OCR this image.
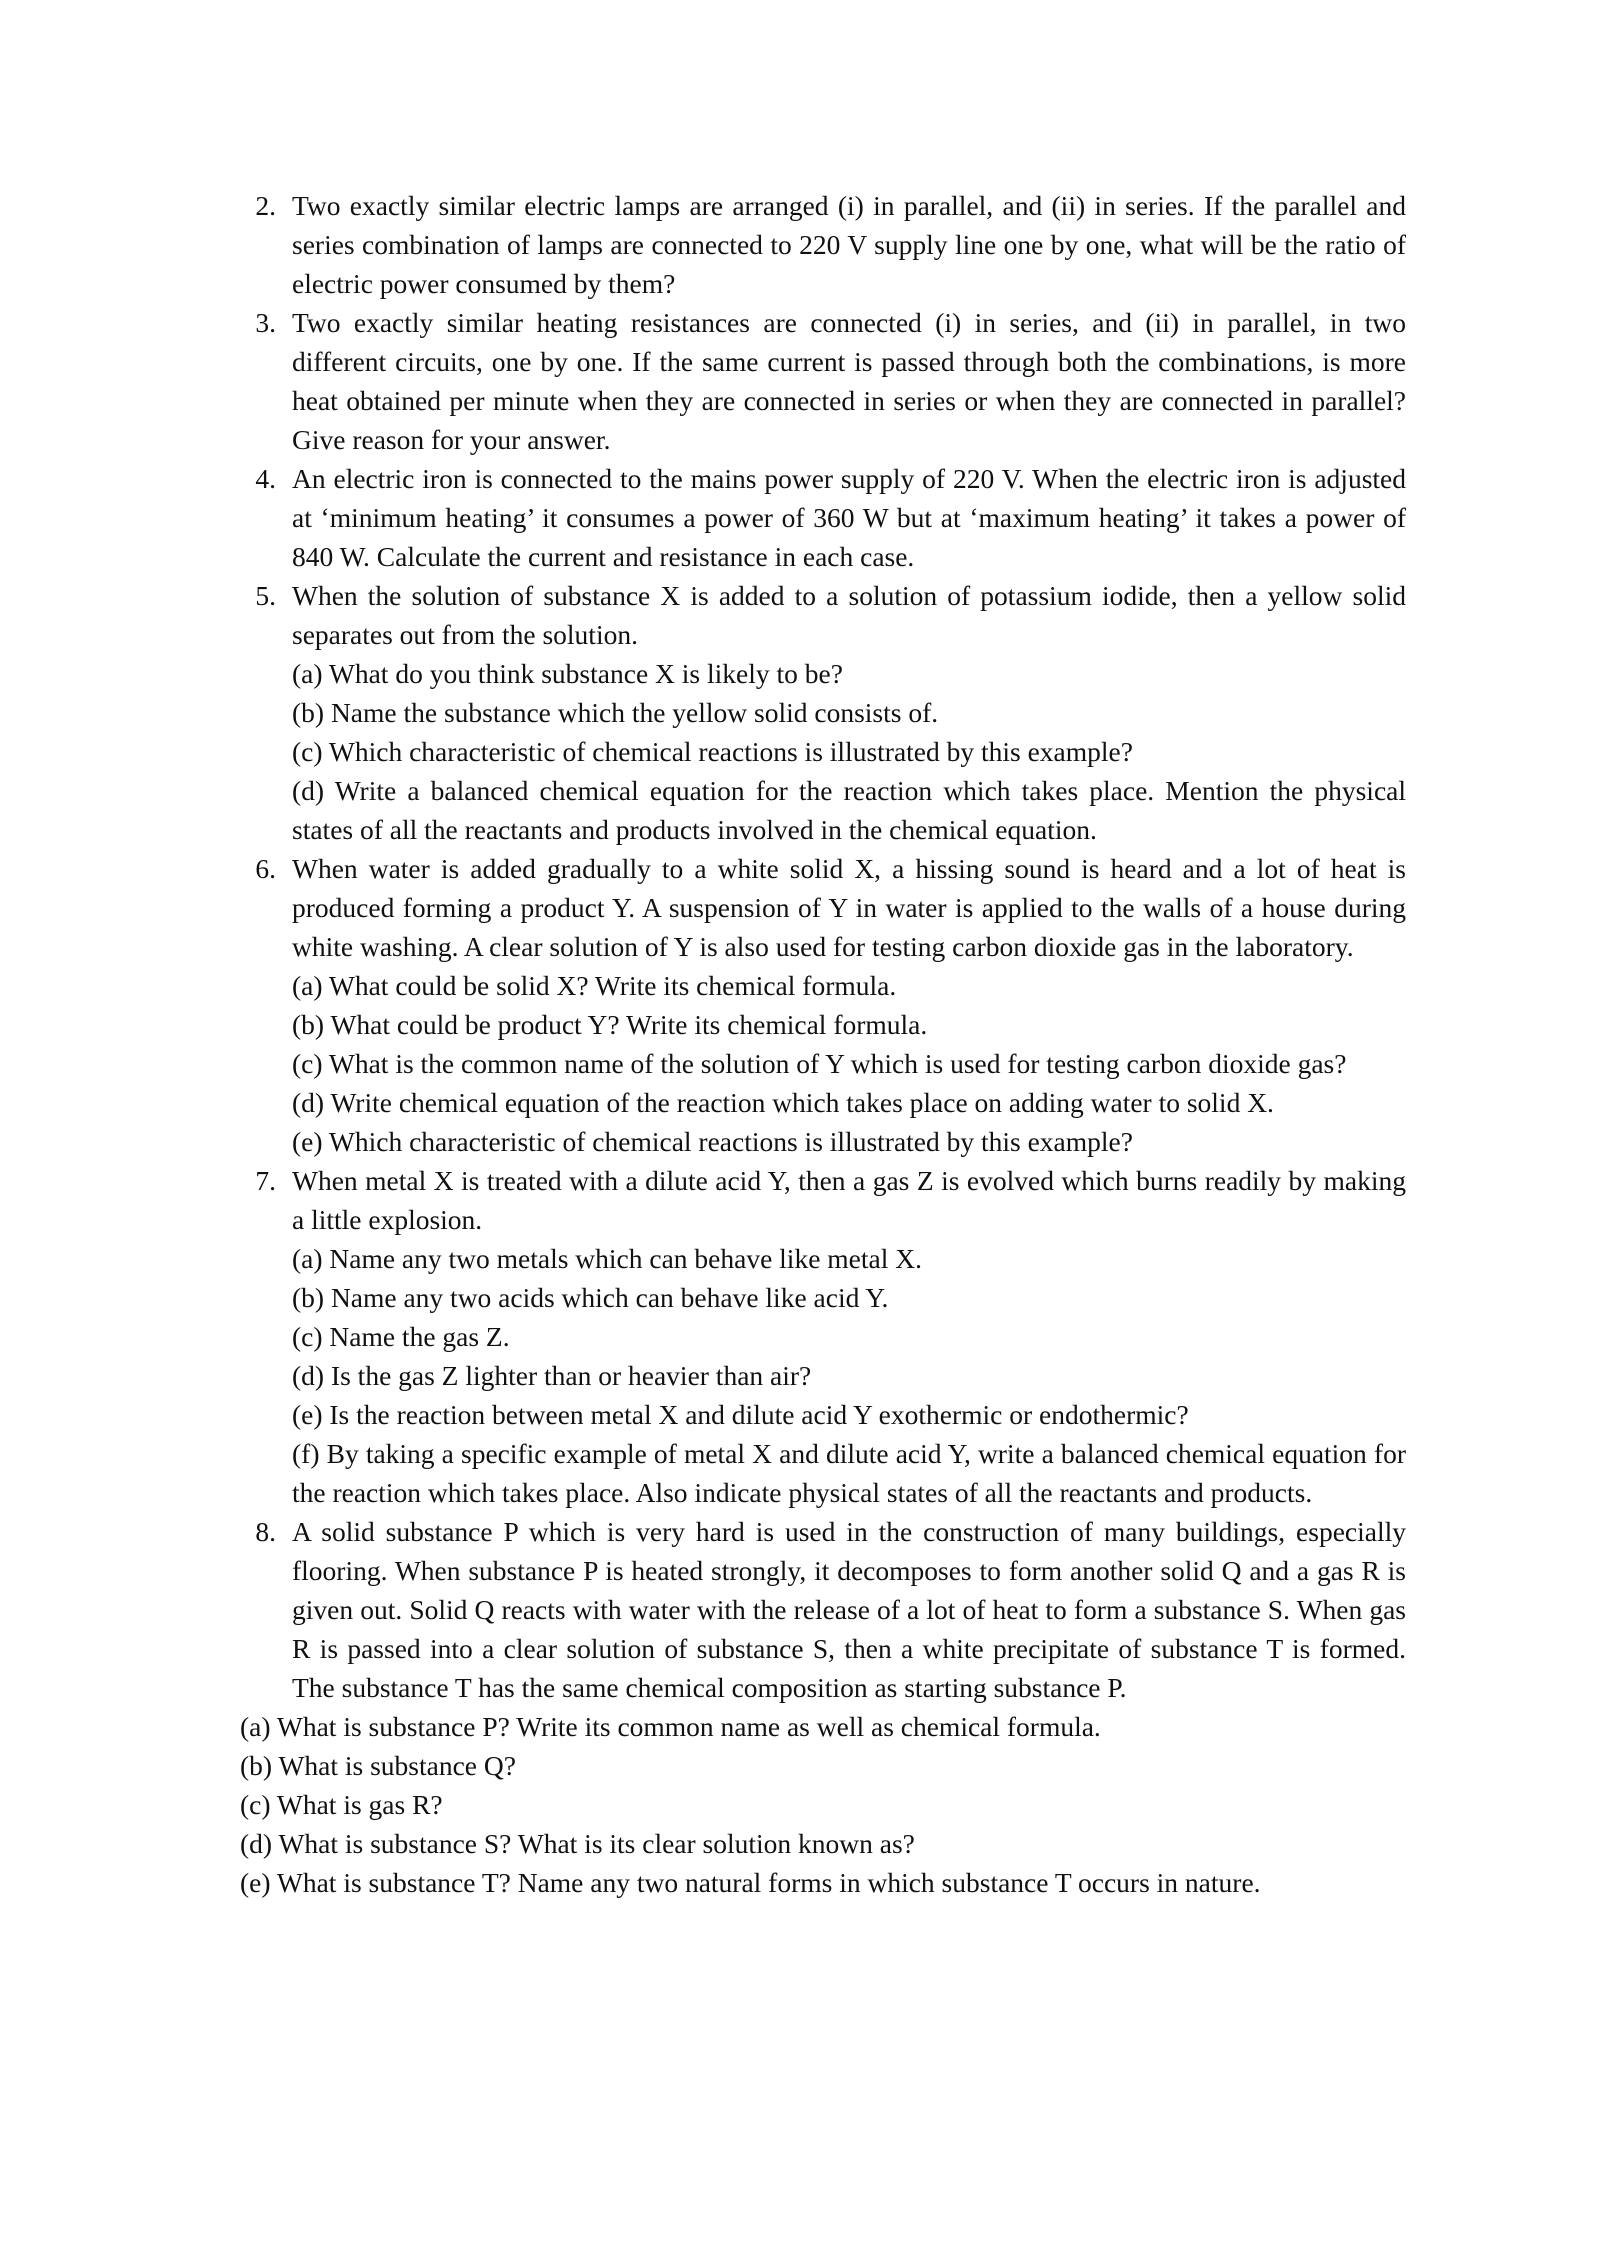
2. Two exactly similar electric lamps are arranged (i) in parallel, and (ii) in series. If the parallel and series combination of lamps are connected to 220 V supply line one by one, what will be the ratio of electric power consumed by them?
3. Two exactly similar heating resistances are connected (i) in series, and (ii) in parallel, in two different circuits, one by one. If the same current is passed through both the combinations, is more heat obtained per minute when they are connected in series or when they are connected in parallel? Give reason for your answer.
4. An electric iron is connected to the mains power supply of 220 V. When the electric iron is adjusted at ‘minimum heating’ it consumes a power of 360 W but at ‘maximum heating’ it takes a power of 840 W. Calculate the current and resistance in each case.
5. When the solution of substance X is added to a solution of potassium iodide, then a yellow solid separates out from the solution.
(a) What do you think substance X is likely to be?
(b) Name the substance which the yellow solid consists of.
(c) Which characteristic of chemical reactions is illustrated by this example?
(d) Write a balanced chemical equation for the reaction which takes place. Mention the physical states of all the reactants and products involved in the chemical equation.
6. When water is added gradually to a white solid X, a hissing sound is heard and a lot of heat is produced forming a product Y. A suspension of Y in water is applied to the walls of a house during white washing. A clear solution of Y is also used for testing carbon dioxide gas in the laboratory.
(a) What could be solid X? Write its chemical formula.
(b) What could be product Y? Write its chemical formula.
(c) What is the common name of the solution of Y which is used for testing carbon dioxide gas?
(d) Write chemical equation of the reaction which takes place on adding water to solid X.
(e) Which characteristic of chemical reactions is illustrated by this example?
7. When metal X is treated with a dilute acid Y, then a gas Z is evolved which burns readily by making a little explosion.
(a) Name any two metals which can behave like metal X.
(b) Name any two acids which can behave like acid Y.
(c) Name the gas Z.
(d) Is the gas Z lighter than or heavier than air?
(e) Is the reaction between metal X and dilute acid Y exothermic or endothermic?
(f) By taking a specific example of metal X and dilute acid Y, write a balanced chemical equation for the reaction which takes place. Also indicate physical states of all the reactants and products.
8. A solid substance P which is very hard is used in the construction of many buildings, especially flooring. When substance P is heated strongly, it decomposes to form another solid Q and a gas R is given out. Solid Q reacts with water with the release of a lot of heat to form a substance S. When gas R is passed into a clear solution of substance S, then a white precipitate of substance T is formed. The substance T has the same chemical composition as starting substance P.
(a) What is substance P? Write its common name as well as chemical formula.
(b) What is substance Q?
(c) What is gas R?
(d) What is substance S? What is its clear solution known as?
(e) What is substance T? Name any two natural forms in which substance T occurs in nature.
